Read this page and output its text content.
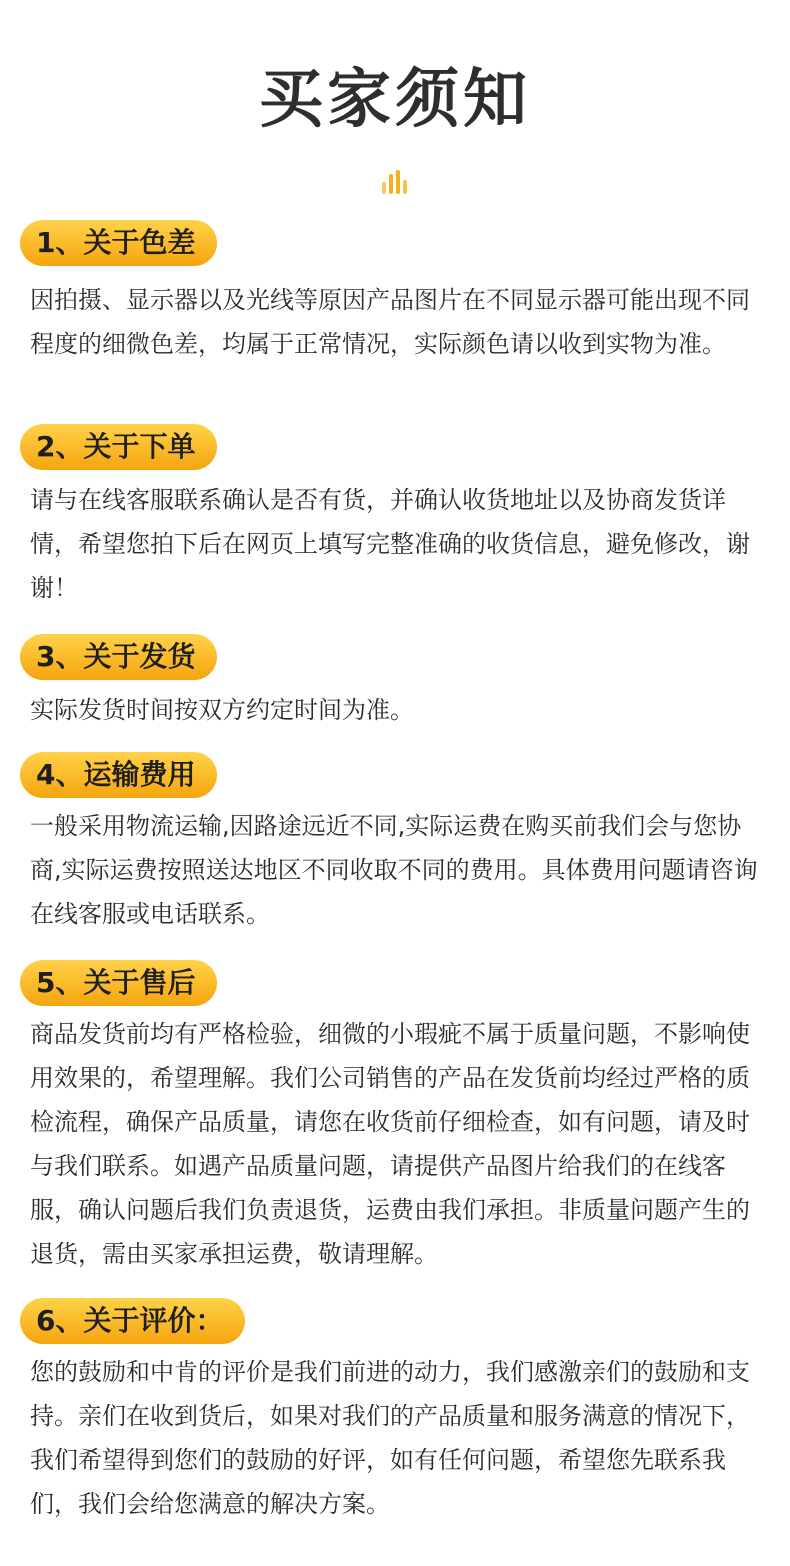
买家须知
1、关于色差
因拍摄、显示器以及光线等原因产品图片在不同显示器可能出现不同程度的细微色差，均属于正常情况，实际颜色请以收到实物为准。
2、关于下单
请与在线客服联系确认是否有货，并确认收货地址以及协商发货详情，希望您拍下后在网页上填写完整准确的收货信息，避免修改，谢谢！
3、关于发货
实际发货时间按双方约定时间为准。
4、运输费用
一般采用物流运输,因路途远近不同,实际运费在购买前我们会与您协商,实际运费按照送达地区不同收取不同的费用。具体费用问题请咨询在线客服或电话联系。
5、关于售后
商品发货前均有严格检验，细微的小瑕疵不属于质量问题，不影响使用效果的，希望理解。我们公司销售的产品在发货前均经过严格的质检流程，确保产品质量，请您在收货前仔细检查，如有问题，请及时与我们联系。如遇产品质量问题，请提供产品图片给我们的在线客服，确认问题后我们负责退货，运费由我们承担。非质量问题产生的退货，需由买家承担运费，敬请理解。
6、关于评价：
您的鼓励和中肯的评价是我们前进的动力，我们感激亲们的鼓励和支持。亲们在收到货后，如果对我们的产品质量和服务满意的情况下，我们希望得到您们的鼓励的好评，如有任何问题，希望您先联系我们，我们会给您满意的解决方案。
